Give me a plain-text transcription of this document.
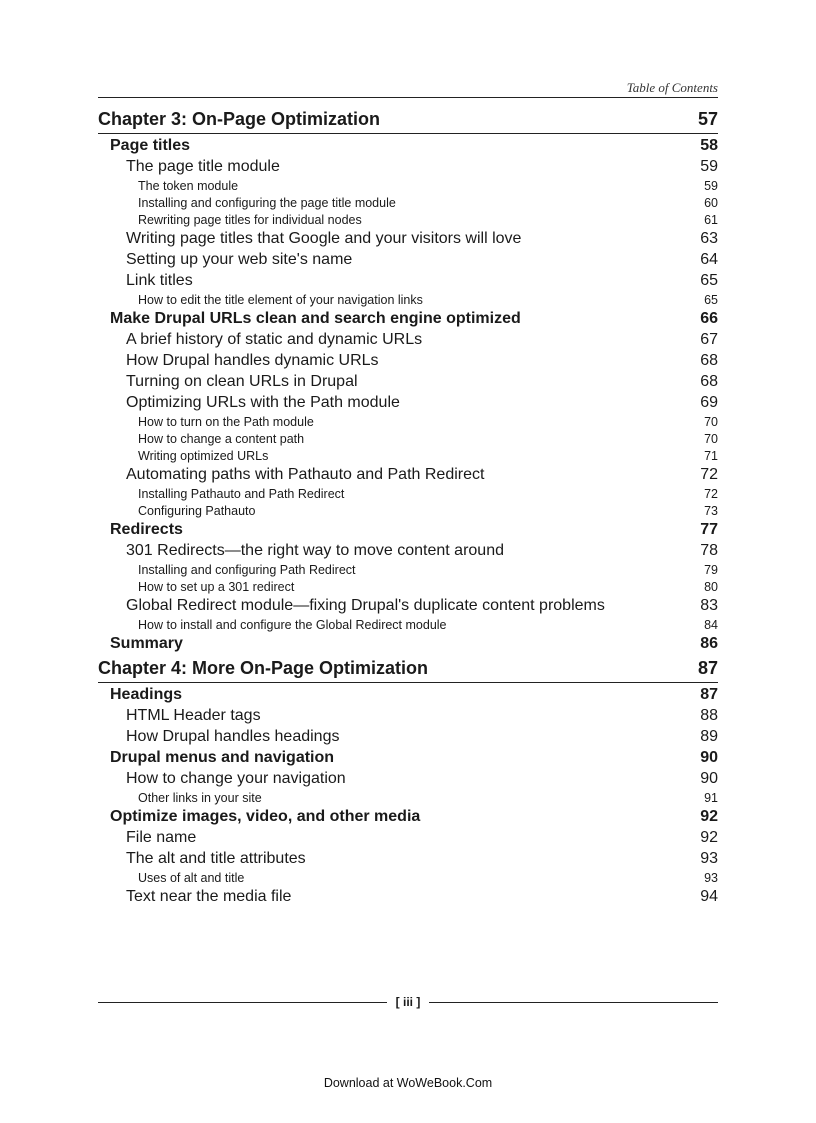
Table of Contents
Chapter 3: On-Page Optimization	57
Page titles	58
The page title module	59
The token module	59
Installing and configuring the page title module	60
Rewriting page titles for individual nodes	61
Writing page titles that Google and your visitors will love	63
Setting up your web site's name	64
Link titles	65
How to edit the title element of your navigation links	65
Make Drupal URLs clean and search engine optimized	66
A brief history of static and dynamic URLs	67
How Drupal handles dynamic URLs	68
Turning on clean URLs in Drupal	68
Optimizing URLs with the Path module	69
How to turn on the Path module	70
How to change a content path	70
Writing optimized URLs	71
Automating paths with Pathauto and Path Redirect	72
Installing Pathauto and Path Redirect	72
Configuring Pathauto	73
Redirects	77
301 Redirects—the right way to move content around	78
Installing and configuring Path Redirect	79
How to set up a 301 redirect	80
Global Redirect module—fixing Drupal's duplicate content problems	83
How to install and configure the Global Redirect module	84
Summary	86
Chapter 4: More On-Page Optimization	87
Headings	87
HTML Header tags	88
How Drupal handles headings	89
Drupal menus and navigation	90
How to change your navigation	90
Other links in your site	91
Optimize images, video, and other media	92
File name	92
The alt and title attributes	93
Uses of alt and title	93
Text near the media file	94
[ iii ]
Download at WoWeBook.Com
